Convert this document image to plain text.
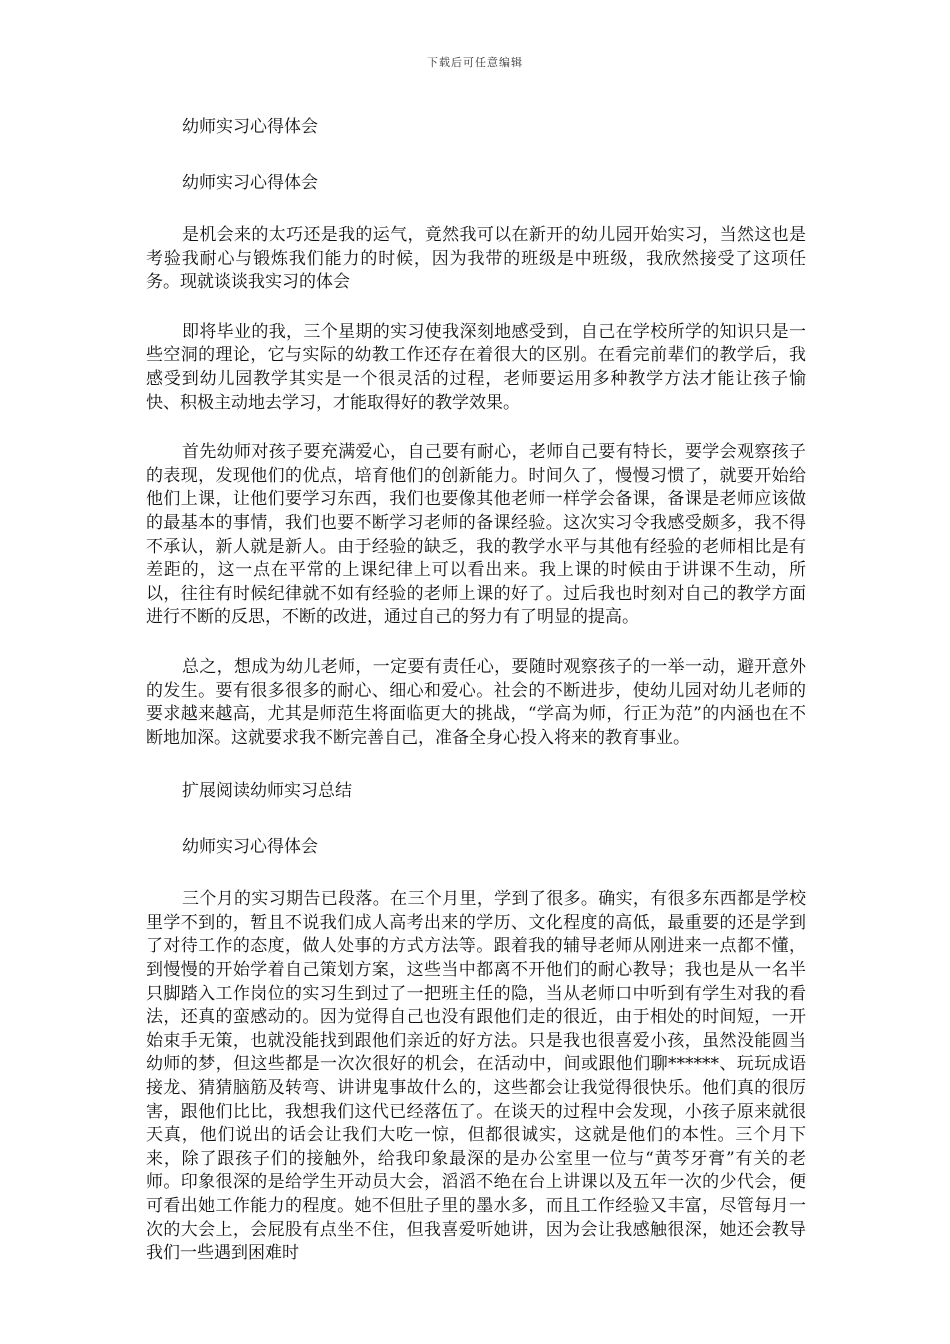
下载后可任意编辑

幼师实习心得体会

幼师实习心得体会

是机会来的太巧还是我的运气，竟然我可以在新开的幼儿园开始实习，当然这也是考验我耐心与锻炼我们能力的时候，因为我带的班级是中班级，我欣然接受了这项任务。现就谈谈我实习的体会

即将毕业的我，三个星期的实习使我深刻地感受到，自己在学校所学的知识只是一些空洞的理论，它与实际的幼教工作还存在着很大的区别。在看完前辈们的教学后，我感受到幼儿园教学其实是一个很灵活的过程，老师要运用多种教学方法才能让孩子愉快、积极主动地去学习，才能取得好的教学效果。

首先幼师对孩子要充满爱心，自己要有耐心，老师自己要有特长，要学会观察孩子的表现，发现他们的优点，培育他们的创新能力。时间久了，慢慢习惯了，就要开始给他们上课，让他们要学习东西，我们也要像其他老师一样学会备课，备课是老师应该做的最基本的事情，我们也要不断学习老师的备课经验。这次实习令我感受颇多，我不得不承认，新人就是新人。由于经验的缺乏，我的教学水平与其他有经验的老师相比是有差距的，这一点在平常的上课纪律上可以看出来。我上课的时候由于讲课不生动，所以，往往有时候纪律就不如有经验的老师上课的好了。过后我也时刻对自己的教学方面进行不断的反思，不断的改进，通过自己的努力有了明显的提高。

总之，想成为幼儿老师，一定要有责任心，要随时观察孩子的一举一动，避开意外的发生。要有很多很多的耐心、细心和爱心。社会的不断进步，使幼儿园对幼儿老师的要求越来越高，尤其是师范生将面临更大的挑战，“学高为师，行正为范”的内涵也在不断地加深。这就要求我不断完善自己，准备全身心投入将来的教育事业。

扩展阅读幼师实习总结

幼师实习心得体会

三个月的实习期告已段落。在三个月里，学到了很多。确实，有很多东西都是学校里学不到的，暂且不说我们成人高考出来的学历、文化程度的高低，最重要的还是学到了对待工作的态度，做人处事的方式方法等。跟着我的辅导老师从刚进来一点都不懂，到慢慢的开始学着自己策划方案，这些当中都离不开他们的耐心教导；我也是从一名半只脚踏入工作岗位的实习生到过了一把班主任的隐，当从老师口中听到有学生对我的看法，还真的蛮感动的。因为觉得自己也没有跟他们走的很近，由于相处的时间短，一开始束手无策，也就没能找到跟他们亲近的好方法。只是我也很喜爱小孩，虽然没能圆当幼师的梦，但这些都是一次次很好的机会，在活动中，间或跟他们聊******、玩玩成语接龙、猜猜脑筋及转弯、讲讲鬼事故什么的，这些都会让我觉得很快乐。他们真的很厉害，跟他们比比，我想我们这代已经落伍了。在谈天的过程中会发现，小孩子原来就很天真，他们说出的话会让我们大吃一惊，但都很诚实，这就是他们的本性。三个月下来，除了跟孩子们的接触外，给我印象最深的是办公室里一位与“黄芩牙膏”有关的老师。印象很深的是给学生开动员大会，滔滔不绝在台上讲课以及五年一次的少代会，便可看出她工作能力的程度。她不但肚子里的墨水多，而且工作经验又丰富，尽管每月一次的大会上，会屁股有点坐不住，但我喜爱听她讲，因为会让我感触很深，她还会教导我们一些遇到困难时
